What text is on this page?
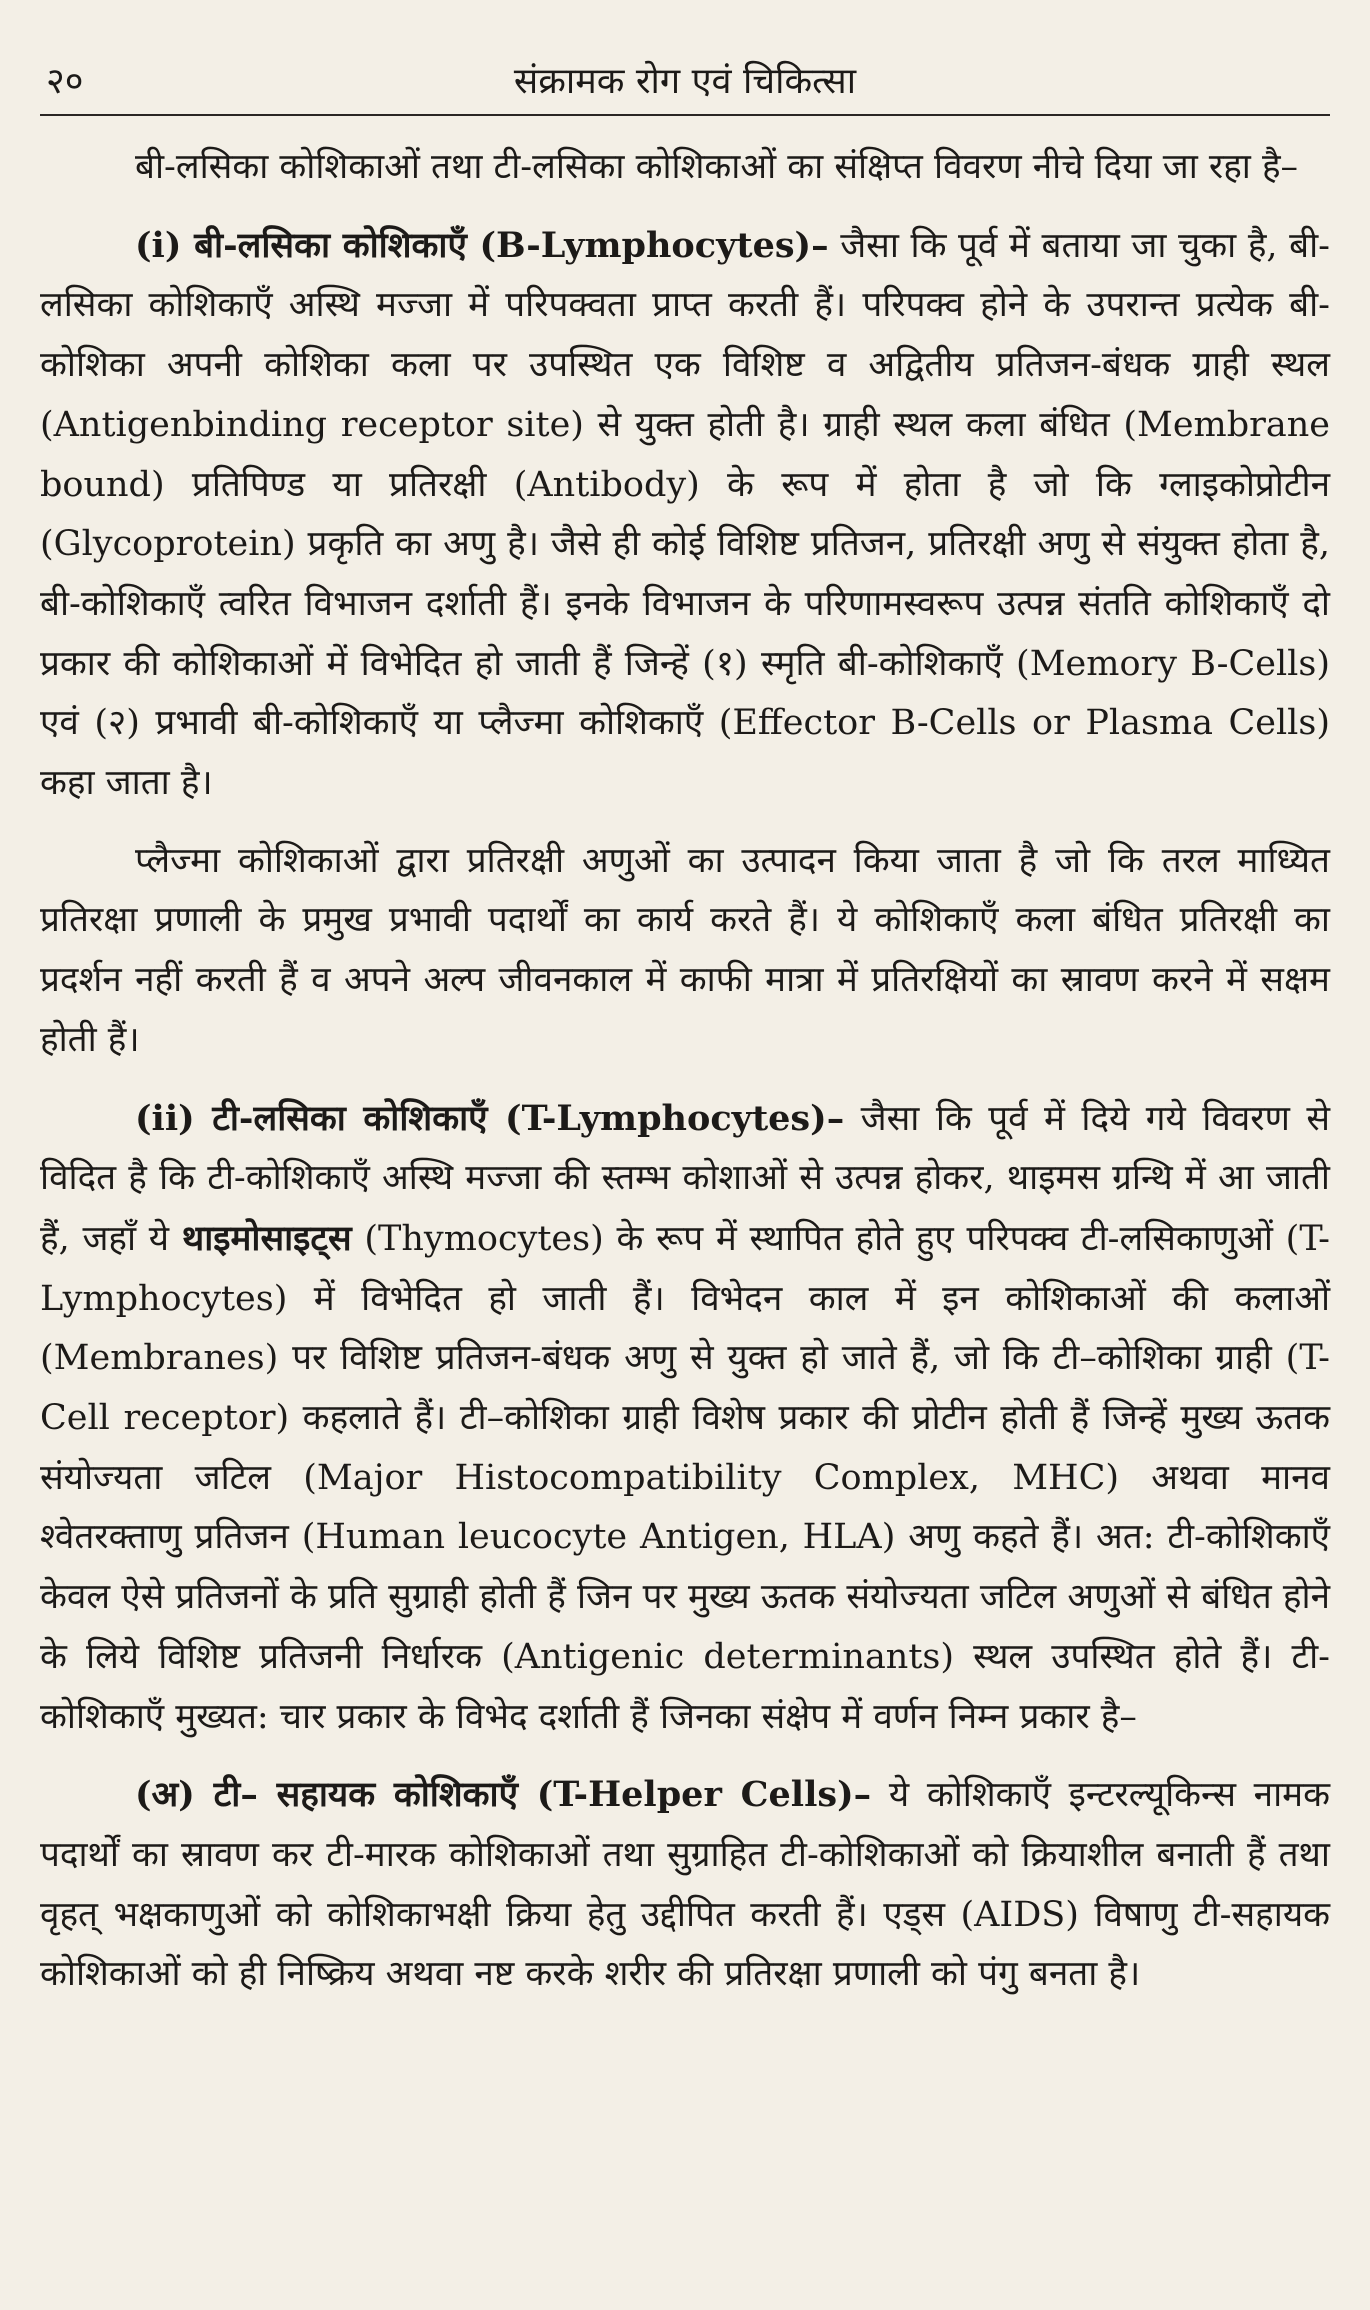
२०	संक्रामक रोग एवं चिकित्सा

बी-लसिका कोशिकाओं तथा टी-लसिका कोशिकाओं का संक्षिप्त विवरण नीचे दिया जा रहा है–

(i) बी-लसिका कोशिकाएँ (B-Lymphocytes)– जैसा कि पूर्व में बताया जा चुका है, बी-लसिका कोशिकाएँ अस्थि मज्जा में परिपक्वता प्राप्त करती हैं। परिपक्व होने के उपरान्त प्रत्येक बी-कोशिका अपनी कोशिका कला पर उपस्थित एक विशिष्ट व अद्वितीय प्रतिजन-बंधक ग्राही स्थल (Antigenbinding receptor site) से युक्त होती है। ग्राही स्थल कला बंधित (Membrane bound) प्रतिपिण्ड या प्रतिरक्षी (Antibody) के रूप में होता है जो कि ग्लाइकोप्रोटीन (Glycoprotein) प्रकृति का अणु है। जैसे ही कोई विशिष्ट प्रतिजन, प्रतिरक्षी अणु से संयुक्त होता है, बी-कोशिकाएँ त्वरित विभाजन दर्शाती हैं। इनके विभाजन के परिणामस्वरूप उत्पन्न संतति कोशिकाएँ दो प्रकार की कोशिकाओं में विभेदित हो जाती हैं जिन्हें (१) स्मृति बी-कोशिकाएँ (Memory B-Cells) एवं (२) प्रभावी बी-कोशिकाएँ या प्लैज्मा कोशिकाएँ (Effector B-Cells or Plasma Cells) कहा जाता है।

प्लैज्मा कोशिकाओं द्वारा प्रतिरक्षी अणुओं का उत्पादन किया जाता है जो कि तरल माध्यित प्रतिरक्षा प्रणाली के प्रमुख प्रभावी पदार्थों का कार्य करते हैं। ये कोशिकाएँ कला बंधित प्रतिरक्षी का प्रदर्शन नहीं करती हैं व अपने अल्प जीवनकाल में काफी मात्रा में प्रतिरक्षियों का स्रावण करने में सक्षम होती हैं।

(ii) टी-लसिका कोशिकाएँ (T-Lymphocytes)– जैसा कि पूर्व में दिये गये विवरण से विदित है कि टी-कोशिकाएँ अस्थि मज्जा की स्तम्भ कोशाओं से उत्पन्न होकर, थाइमस ग्रन्थि में आ जाती हैं, जहाँ ये थाइमोसाइट्स (Thymocytes) के रूप में स्थापित होते हुए परिपक्व टी-लसिकाणुओं (T-Lymphocytes) में विभेदित हो जाती हैं। विभेदन काल में इन कोशिकाओं की कलाओं (Membranes) पर विशिष्ट प्रतिजन-बंधक अणु से युक्त हो जाते हैं, जो कि टी–कोशिका ग्राही (T-Cell receptor) कहलाते हैं। टी–कोशिका ग्राही विशेष प्रकार की प्रोटीन होती हैं जिन्हें मुख्य ऊतक संयोज्यता जटिल (Major Histocompatibility Complex, MHC) अथवा मानव श्वेतरक्ताणु प्रतिजन (Human leucocyte Antigen, HLA) अणु कहते हैं। अत: टी-कोशिकाएँ केवल ऐसे प्रतिजनों के प्रति सुग्राही होती हैं जिन पर मुख्य ऊतक संयोज्यता जटिल अणुओं से बंधित होने के लिये विशिष्ट प्रतिजनी निर्धारक (Antigenic determinants) स्थल उपस्थित होते हैं। टी-कोशिकाएँ मुख्यत: चार प्रकार के विभेद दर्शाती हैं जिनका संक्षेप में वर्णन निम्न प्रकार है–

(अ) टी– सहायक कोशिकाएँ (T-Helper Cells)– ये कोशिकाएँ इन्टरल्यूकिन्स नामक पदार्थों का स्रावण कर टी-मारक कोशिकाओं तथा सुग्राहित टी-कोशिकाओं को क्रियाशील बनाती हैं तथा वृहत् भक्षकाणुओं को कोशिकाभक्षी क्रिया हेतु उद्दीपित करती हैं। एड्स (AIDS) विषाणु टी-सहायक कोशिकाओं को ही निष्क्रिय अथवा नष्ट करके शरीर की प्रतिरक्षा प्रणाली को पंगु बनता है।
